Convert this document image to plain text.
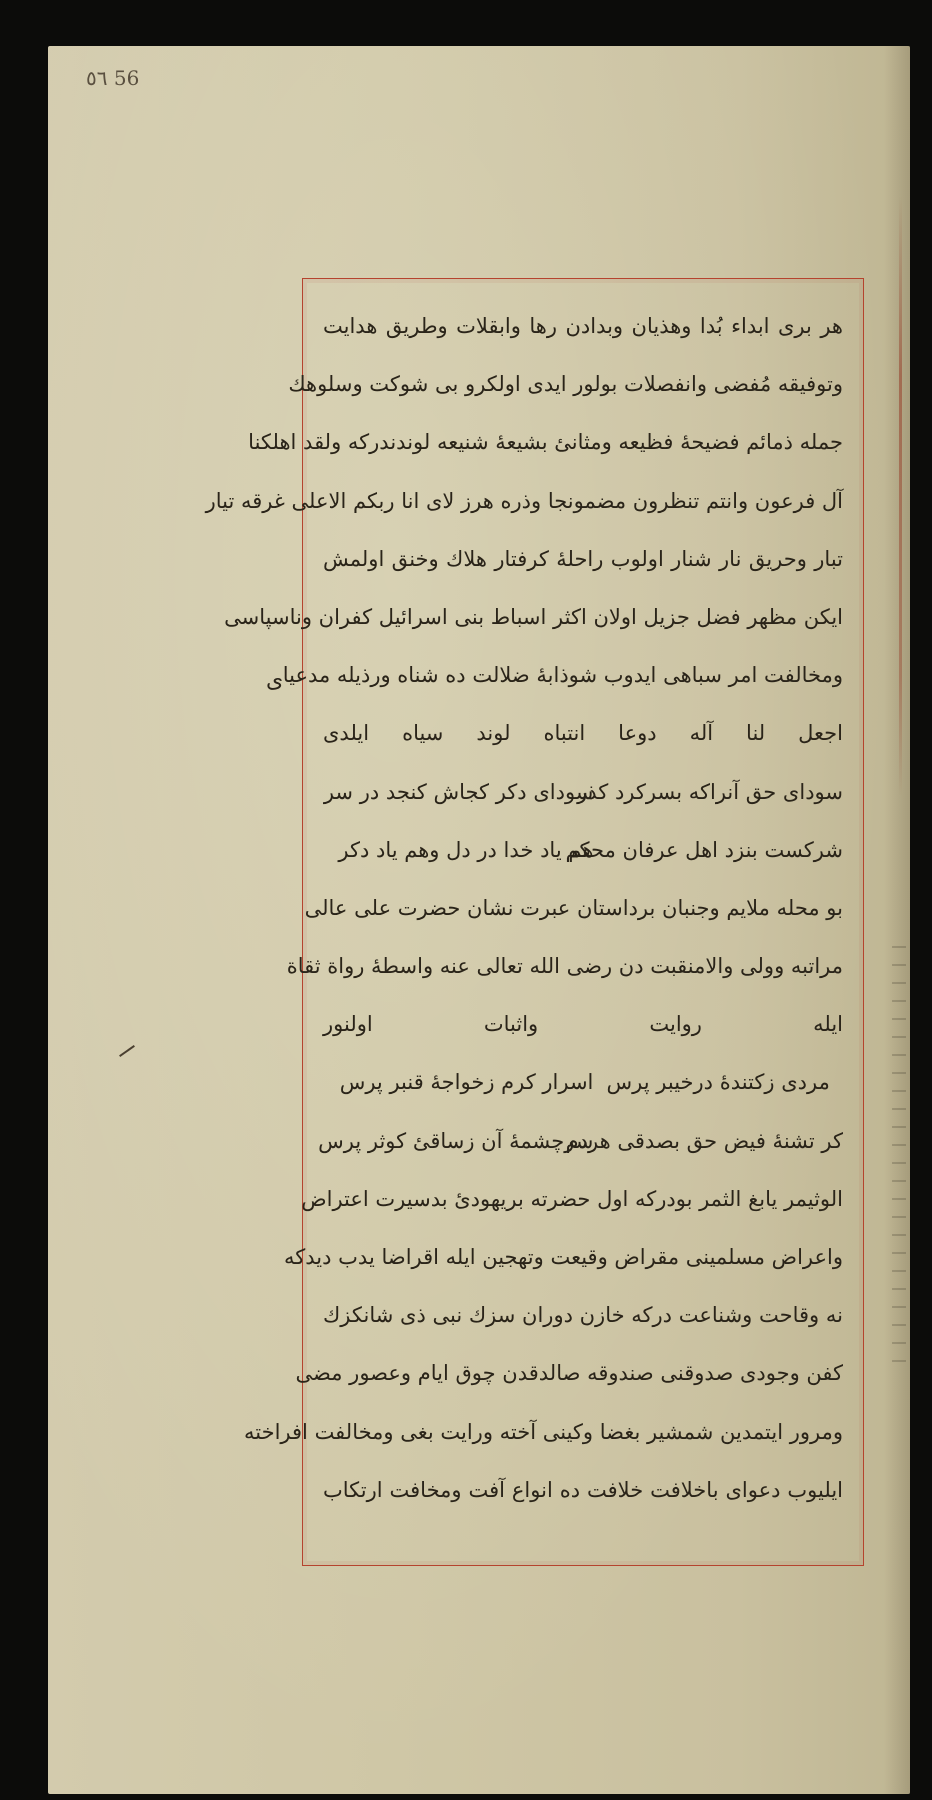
٥٦ 56
ى
هر برى ابداء بُدا وهذيان وبدادن رها وابقلات وطريق هدايت
وتوفيقه مُفضى وانفصلات بولور ايدى اولكرو بى شوكت وسلوهك
جمله ذمائم فضيحهٔ فظيعه ومثانئ بشيعهٔ شنيعه لوندندركه ولقد اهلكنا
آل فرعون وانتم تنظرون مضمونجا وذره هرز لاى انا ربكم الاعلى غرقه تيار
تبار وحريق نار شنار اولوب راحلهٔ كرفتار هلاك وخنق اولمش
ايكن مظهر فضل جزيل اولان اكثر اسباط بنى اسرائيل كفران وناسپاسى
ومخالفت امر سباهى ايدوب شوذابهٔ ضلالت ده شناه ورذيله مدعيا
اجعل لنا آله دوعا انتباه لوند سياه ايلدى
سوداى حق آنراكه بسركرد كذرسوداى دكر كجاش كنجد در سر
شركست بنزد اهل عرفان محكمهم ياد خدا در دل وهم ياد دكر
بو محله ملايم وجنبان برداستان عبرت نشان حضرت على عالى
مراتبه وولى والامنقبت دن رضى الله تعالى عنه واسطهٔ رواة ثقاة
ايله روايت واثبات اولنور
مردى زكتندهٔ درخيبر پرساسرار كرم زخواجهٔ قنبر پرس
كر تشنهٔ فيض حق بصدقى هردمسرچشمهٔ آن زساقئ كوثر پرس
الوثيمر يابغ الثمر بودركه اول حضرته بريهودئ بدسيرت اعتراض
واعراض مسلمينى مقراض وقيعت وتهجين ايله اقراضا يدب ديدكه
نه وقاحت وشناعت دركه خازن دوران سزك نبى ذى شانكزك
كفن وجودى صدوقنى صندوقه صالدقدن چوق ايام وعصور مضى
ومرور ايتمدين شمشير بغضا وكينى آخته ورايت بغى ومخالفت افراخته
ايليوب دعواى باخلافت خلافت ده انواع آفت ومخافت ارتكاب
